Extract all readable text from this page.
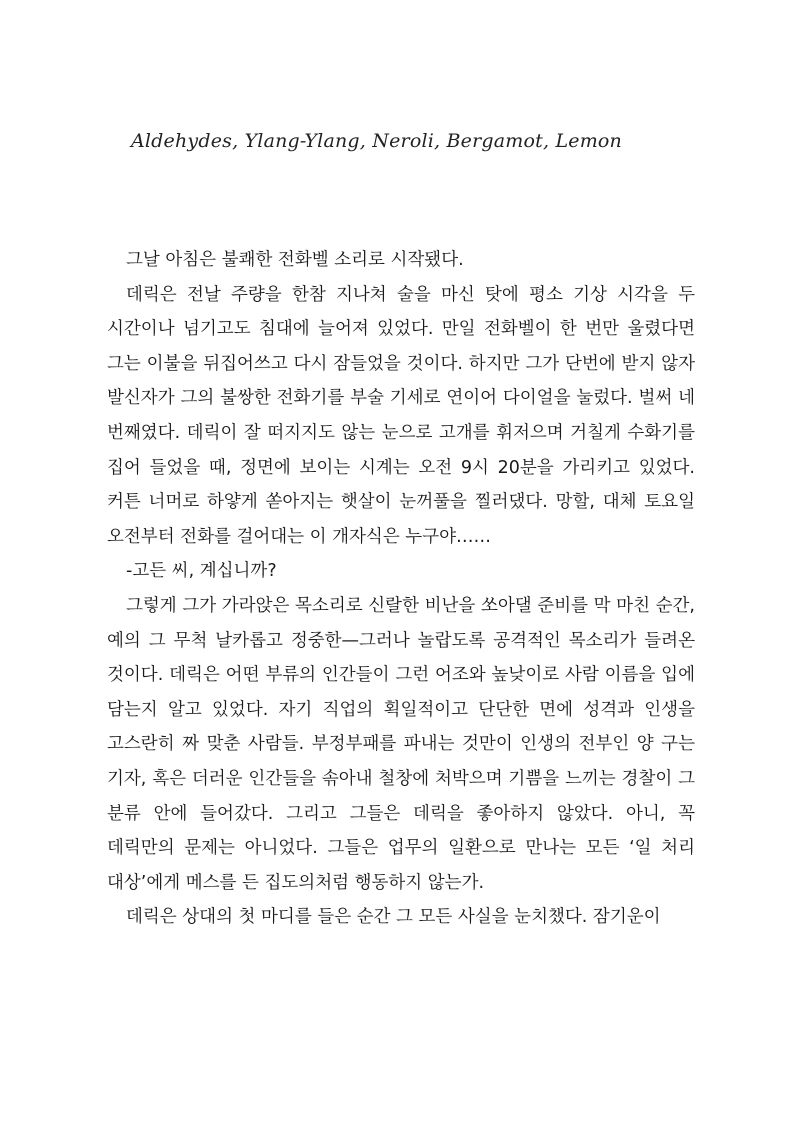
Aldehydes, Ylang-Ylang, Neroli, Bergamot, Lemon

그날 아침은 불쾌한 전화벨 소리로 시작됐다.

데릭은 전날 주량을 한참 지나쳐 술을 마신 탓에 평소 기상 시각을 두 시간이나 넘기고도 침대에 늘어져 있었다. 만일 전화벨이 한 번만 울렸다면 그는 이불을 뒤집어쓰고 다시 잠들었을 것이다. 하지만 그가 단번에 받지 않자 발신자가 그의 불쌍한 전화기를 부술 기세로 연이어 다이얼을 눌렀다. 벌써 네 번째였다. 데릭이 잘 떠지지도 않는 눈으로 고개를 휘저으며 거칠게 수화기를 집어 들었을 때, 정면에 보이는 시계는 오전 9시 20분을 가리키고 있었다. 커튼 너머로 하얗게 쏟아지는 햇살이 눈꺼풀을 찔러댔다. 망할, 대체 토요일 오전부터 전화를 걸어대는 이 개자식은 누구야……

-고든 씨, 계십니까?

그렇게 그가 가라앉은 목소리로 신랄한 비난을 쏘아댈 준비를 막 마친 순간, 예의 그 무척 날카롭고 정중한—그러나 놀랍도록 공격적인 목소리가 들려온 것이다. 데릭은 어떤 부류의 인간들이 그런 어조와 높낮이로 사람 이름을 입에 담는지 알고 있었다. 자기 직업의 획일적이고 단단한 면에 성격과 인생을 고스란히 짜 맞춘 사람들. 부정부패를 파내는 것만이 인생의 전부인 양 구는 기자, 혹은 더러운 인간들을 솎아내 철창에 처박으며 기쁨을 느끼는 경찰이 그 분류 안에 들어갔다. 그리고 그들은 데릭을 좋아하지 않았다. 아니, 꼭 데릭만의 문제는 아니었다. 그들은 업무의 일환으로 만나는 모든 ‘일 처리 대상’에게 메스를 든 집도의처럼 행동하지 않는가.

데릭은 상대의 첫 마디를 들은 순간 그 모든 사실을 눈치챘다. 잠기운이
